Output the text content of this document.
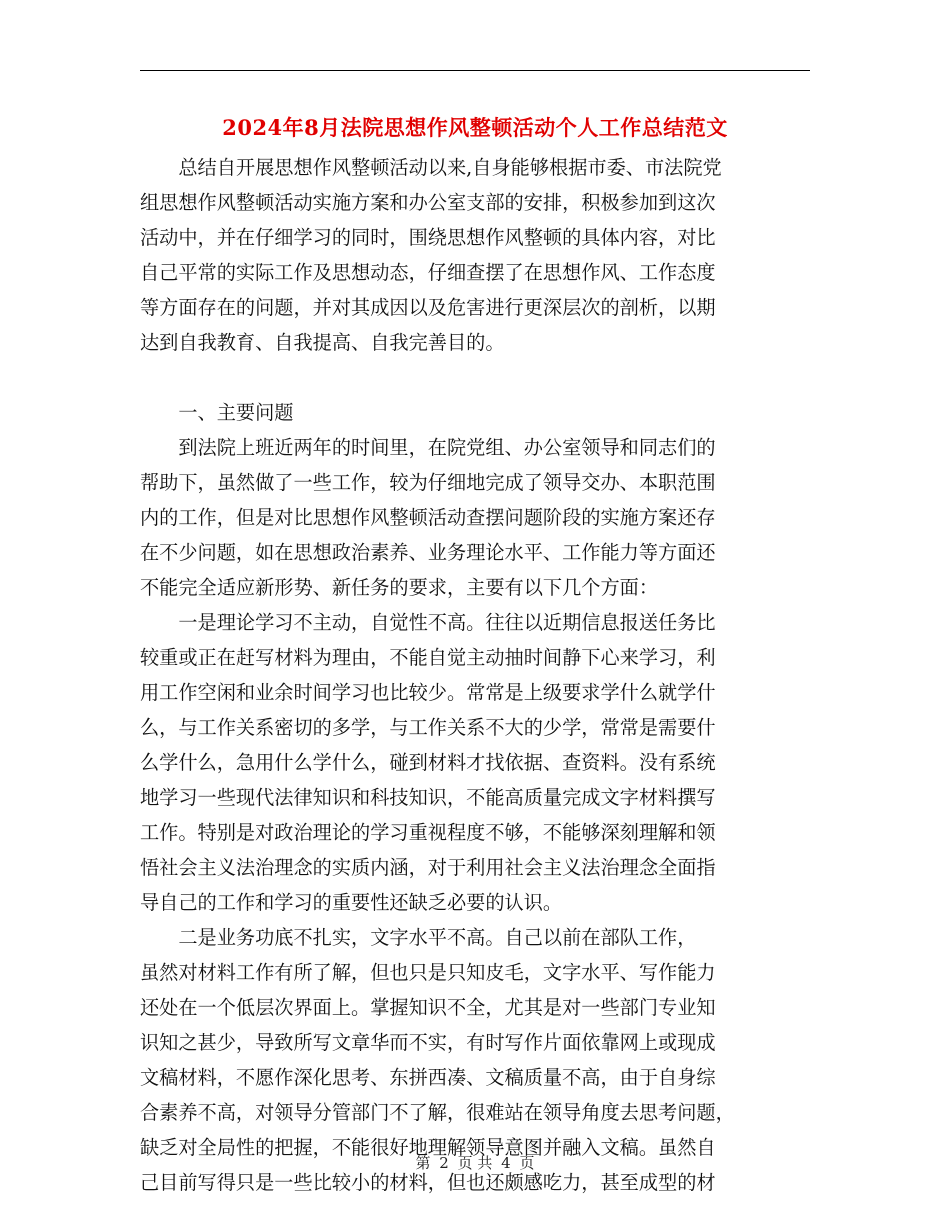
2024年8月法院思想作风整顿活动个人工作总结范文
　　总结自开展思想作风整顿活动以来,自身能够根据市委、市法院党
组思想作风整顿活动实施方案和办公室支部的安排，积极参加到这次
活动中，并在仔细学习的同时，围绕思想作风整顿的具体内容，对比
自己平常的实际工作及思想动态，仔细查摆了在思想作风、工作态度
等方面存在的问题，并对其成因以及危害进行更深层次的剖析，以期
达到自我教育、自我提高、自我完善目的。
　　一、主要问题
　　到法院上班近两年的时间里，在院党组、办公室领导和同志们的
帮助下，虽然做了一些工作，较为仔细地完成了领导交办、本职范围
内的工作，但是对比思想作风整顿活动查摆问题阶段的实施方案还存
在不少问题，如在思想政治素养、业务理论水平、工作能力等方面还
不能完全适应新形势、新任务的要求，主要有以下几个方面：
　　一是理论学习不主动，自觉性不高。往往以近期信息报送任务比
较重或正在赶写材料为理由，不能自觉主动抽时间静下心来学习，利
用工作空闲和业余时间学习也比较少。常常是上级要求学什么就学什
么，与工作关系密切的多学，与工作关系不大的少学，常常是需要什
么学什么，急用什么学什么，碰到材料才找依据、查资料。没有系统
地学习一些现代法律知识和科技知识，不能高质量完成文字材料撰写
工作。特别是对政治理论的学习重视程度不够，不能够深刻理解和领
悟社会主义法治理念的实质内涵，对于利用社会主义法治理念全面指
导自己的工作和学习的重要性还缺乏必要的认识。
　　二是业务功底不扎实，文字水平不高。自己以前在部队工作，
虽然对材料工作有所了解，但也只是只知皮毛，文字水平、写作能力
还处在一个低层次界面上。掌握知识不全，尤其是对一些部门专业知
识知之甚少，导致所写文章华而不实，有时写作片面依靠网上或现成
文稿材料，不愿作深化思考、东拼西凑、文稿质量不高，由于自身综
合素养不高，对领导分管部门不了解，很难站在领导角度去思考问题，
缺乏对全局性的把握，不能很好地理解领导意图并融入文稿。虽然自
己目前写得只是一些比较小的材料，但也还颇感吃力，甚至成型的材
第 2 页 共 4 页
